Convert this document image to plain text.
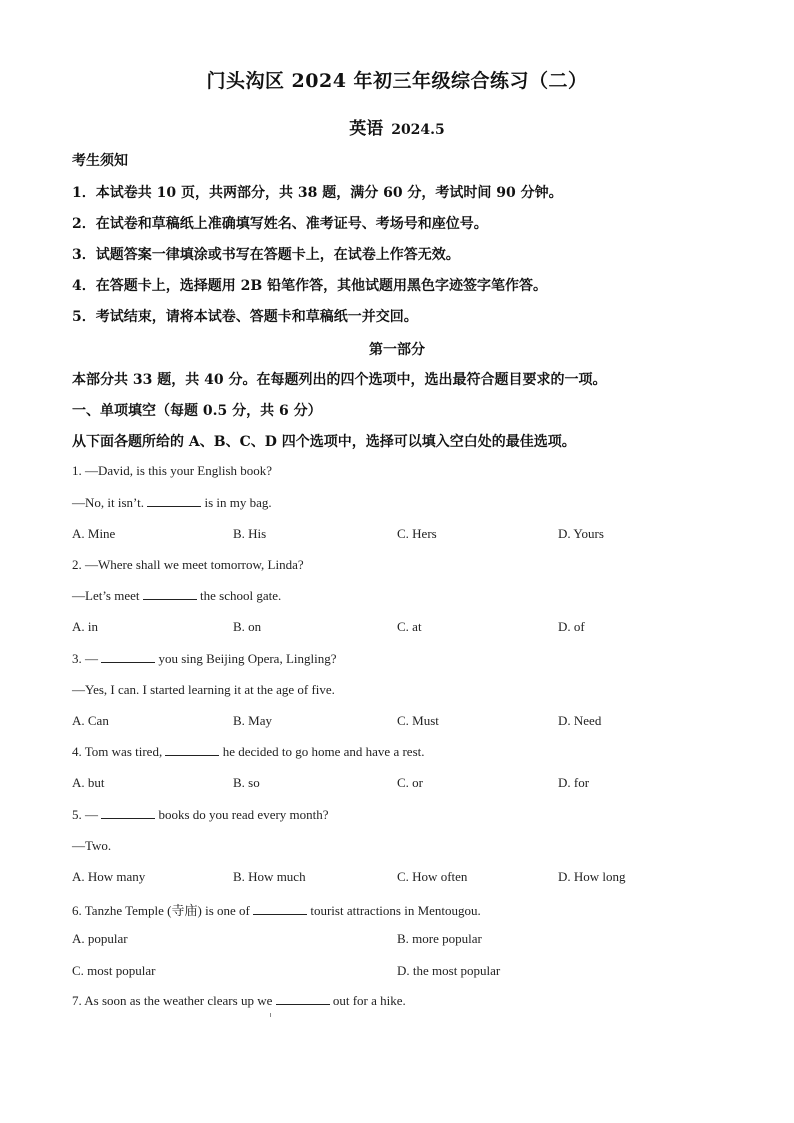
门头沟区 2024 年初三年级综合练习（二）
英语 2024.5
考生须知
1．本试卷共 10 页，共两部分，共 38 题，满分 60 分，考试时间 90 分钟。
2．在试卷和草稿纸上准确填写姓名、准考证号、考场号和座位号。
3．试题答案一律填涂或书写在答题卡上，在试卷上作答无效。
4．在答题卡上，选择题用 2B 铅笔作答，其他试题用黑色字迹签字笔作答。
5．考试结束，请将本试卷、答题卡和草稿纸一并交回。
第一部分
本部分共 33 题，共 40 分。在每题列出的四个选项中，选出最符合题目要求的一项。
一、单项填空（每题 0.5 分，共 6 分）
从下面各题所给的 A、B、C、D 四个选项中，选择可以填入空白处的最佳选项。
1. —David, is this your English book?
—No, it isn’t.	is in my bag.
A. Mine	B. His	C. Hers	D. Yours
2. —Where shall we meet tomorrow, Linda?
—Let’s meet	the school gate.
A. in	B. on	C. at	D. of
3. —	you sing Beijing Opera, Lingling?
—Yes, I can. I started learning it at the age of five.
A. Can	B. May	C. Must	D. Need
4. Tom was tired,	he decided to go home and have a rest.
A. but	B. so	C. or	D. for
5. —	books do you read every month?
—Two.
A. How many	B. How much	C. How often	D. How long
6. Tanzhe Temple (寺庙) is one of	tourist attractions in Mentougou.
A. popular	B. more popular
C. most popular	D. the most popular
7. As soon as the weather clears up we	out for a hike.
